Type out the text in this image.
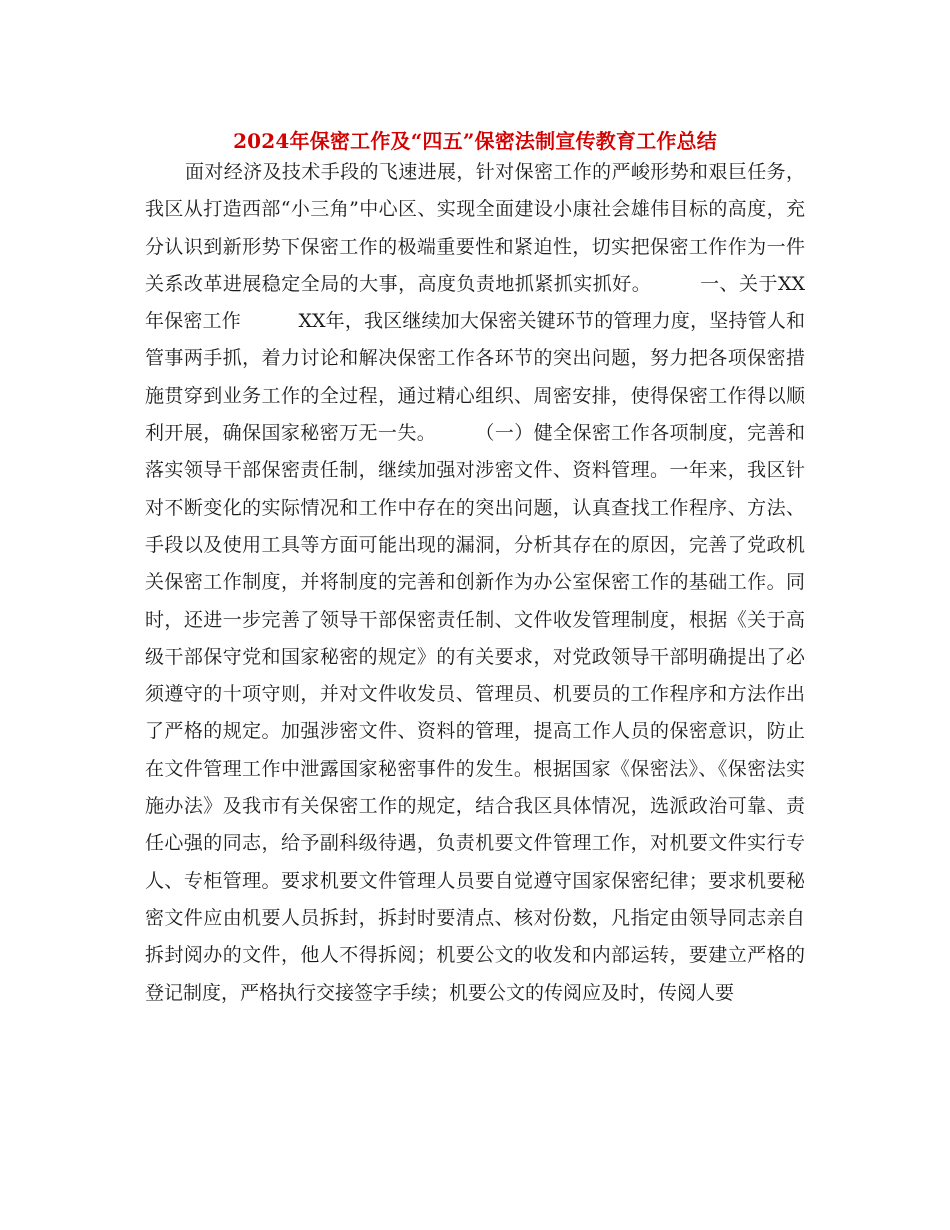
2024年保密工作及“四五”保密法制宣传教育工作总结

面对经济及技术手段的飞速进展，针对保密工作的严峻形势和艰巨任务，我区从打造西部“小三角”中心区、实现全面建设小康社会雄伟目标的高度，充分认识到新形势下保密工作的极端重要性和紧迫性，切实把保密工作作为一件关系改革进展稳定全局的大事，高度负责地抓紧抓实抓好。　　　一、关于XX年保密工作　　　XX年，我区继续加大保密关键环节的管理力度，坚持管人和管事两手抓，着力讨论和解决保密工作各环节的突出问题，努力把各项保密措施贯穿到业务工作的全过程，通过精心组织、周密安排，使得保密工作得以顺利开展，确保国家秘密万无一失。　　　（一）健全保密工作各项制度，完善和落实领导干部保密责任制，继续加强对涉密文件、资料管理。一年来，我区针对不断变化的实际情况和工作中存在的突出问题，认真查找工作程序、方法、手段以及使用工具等方面可能出现的漏洞，分析其存在的原因，完善了党政机关保密工作制度，并将制度的完善和创新作为办公室保密工作的基础工作。同时，还进一步完善了领导干部保密责任制、文件收发管理制度，根据《关于高级干部保守党和国家秘密的规定》的有关要求，对党政领导干部明确提出了必须遵守的十项守则，并对文件收发员、管理员、机要员的工作程序和方法作出了严格的规定。加强涉密文件、资料的管理，提高工作人员的保密意识，防止在文件管理工作中泄露国家秘密事件的发生。根据国家《保密法》、《保密法实施办法》及我市有关保密工作的规定，结合我区具体情况，选派政治可靠、责任心强的同志，给予副科级待遇，负责机要文件管理工作，对机要文件实行专人、专柜管理。要求机要文件管理人员要自觉遵守国家保密纪律；要求机要秘密文件应由机要人员拆封，拆封时要清点、核对份数，凡指定由领导同志亲自拆封阅办的文件，他人不得拆阅；机要公文的收发和内部运转，要建立严格的登记制度，严格执行交接签字手续；机要公文的传阅应及时，传阅人要
